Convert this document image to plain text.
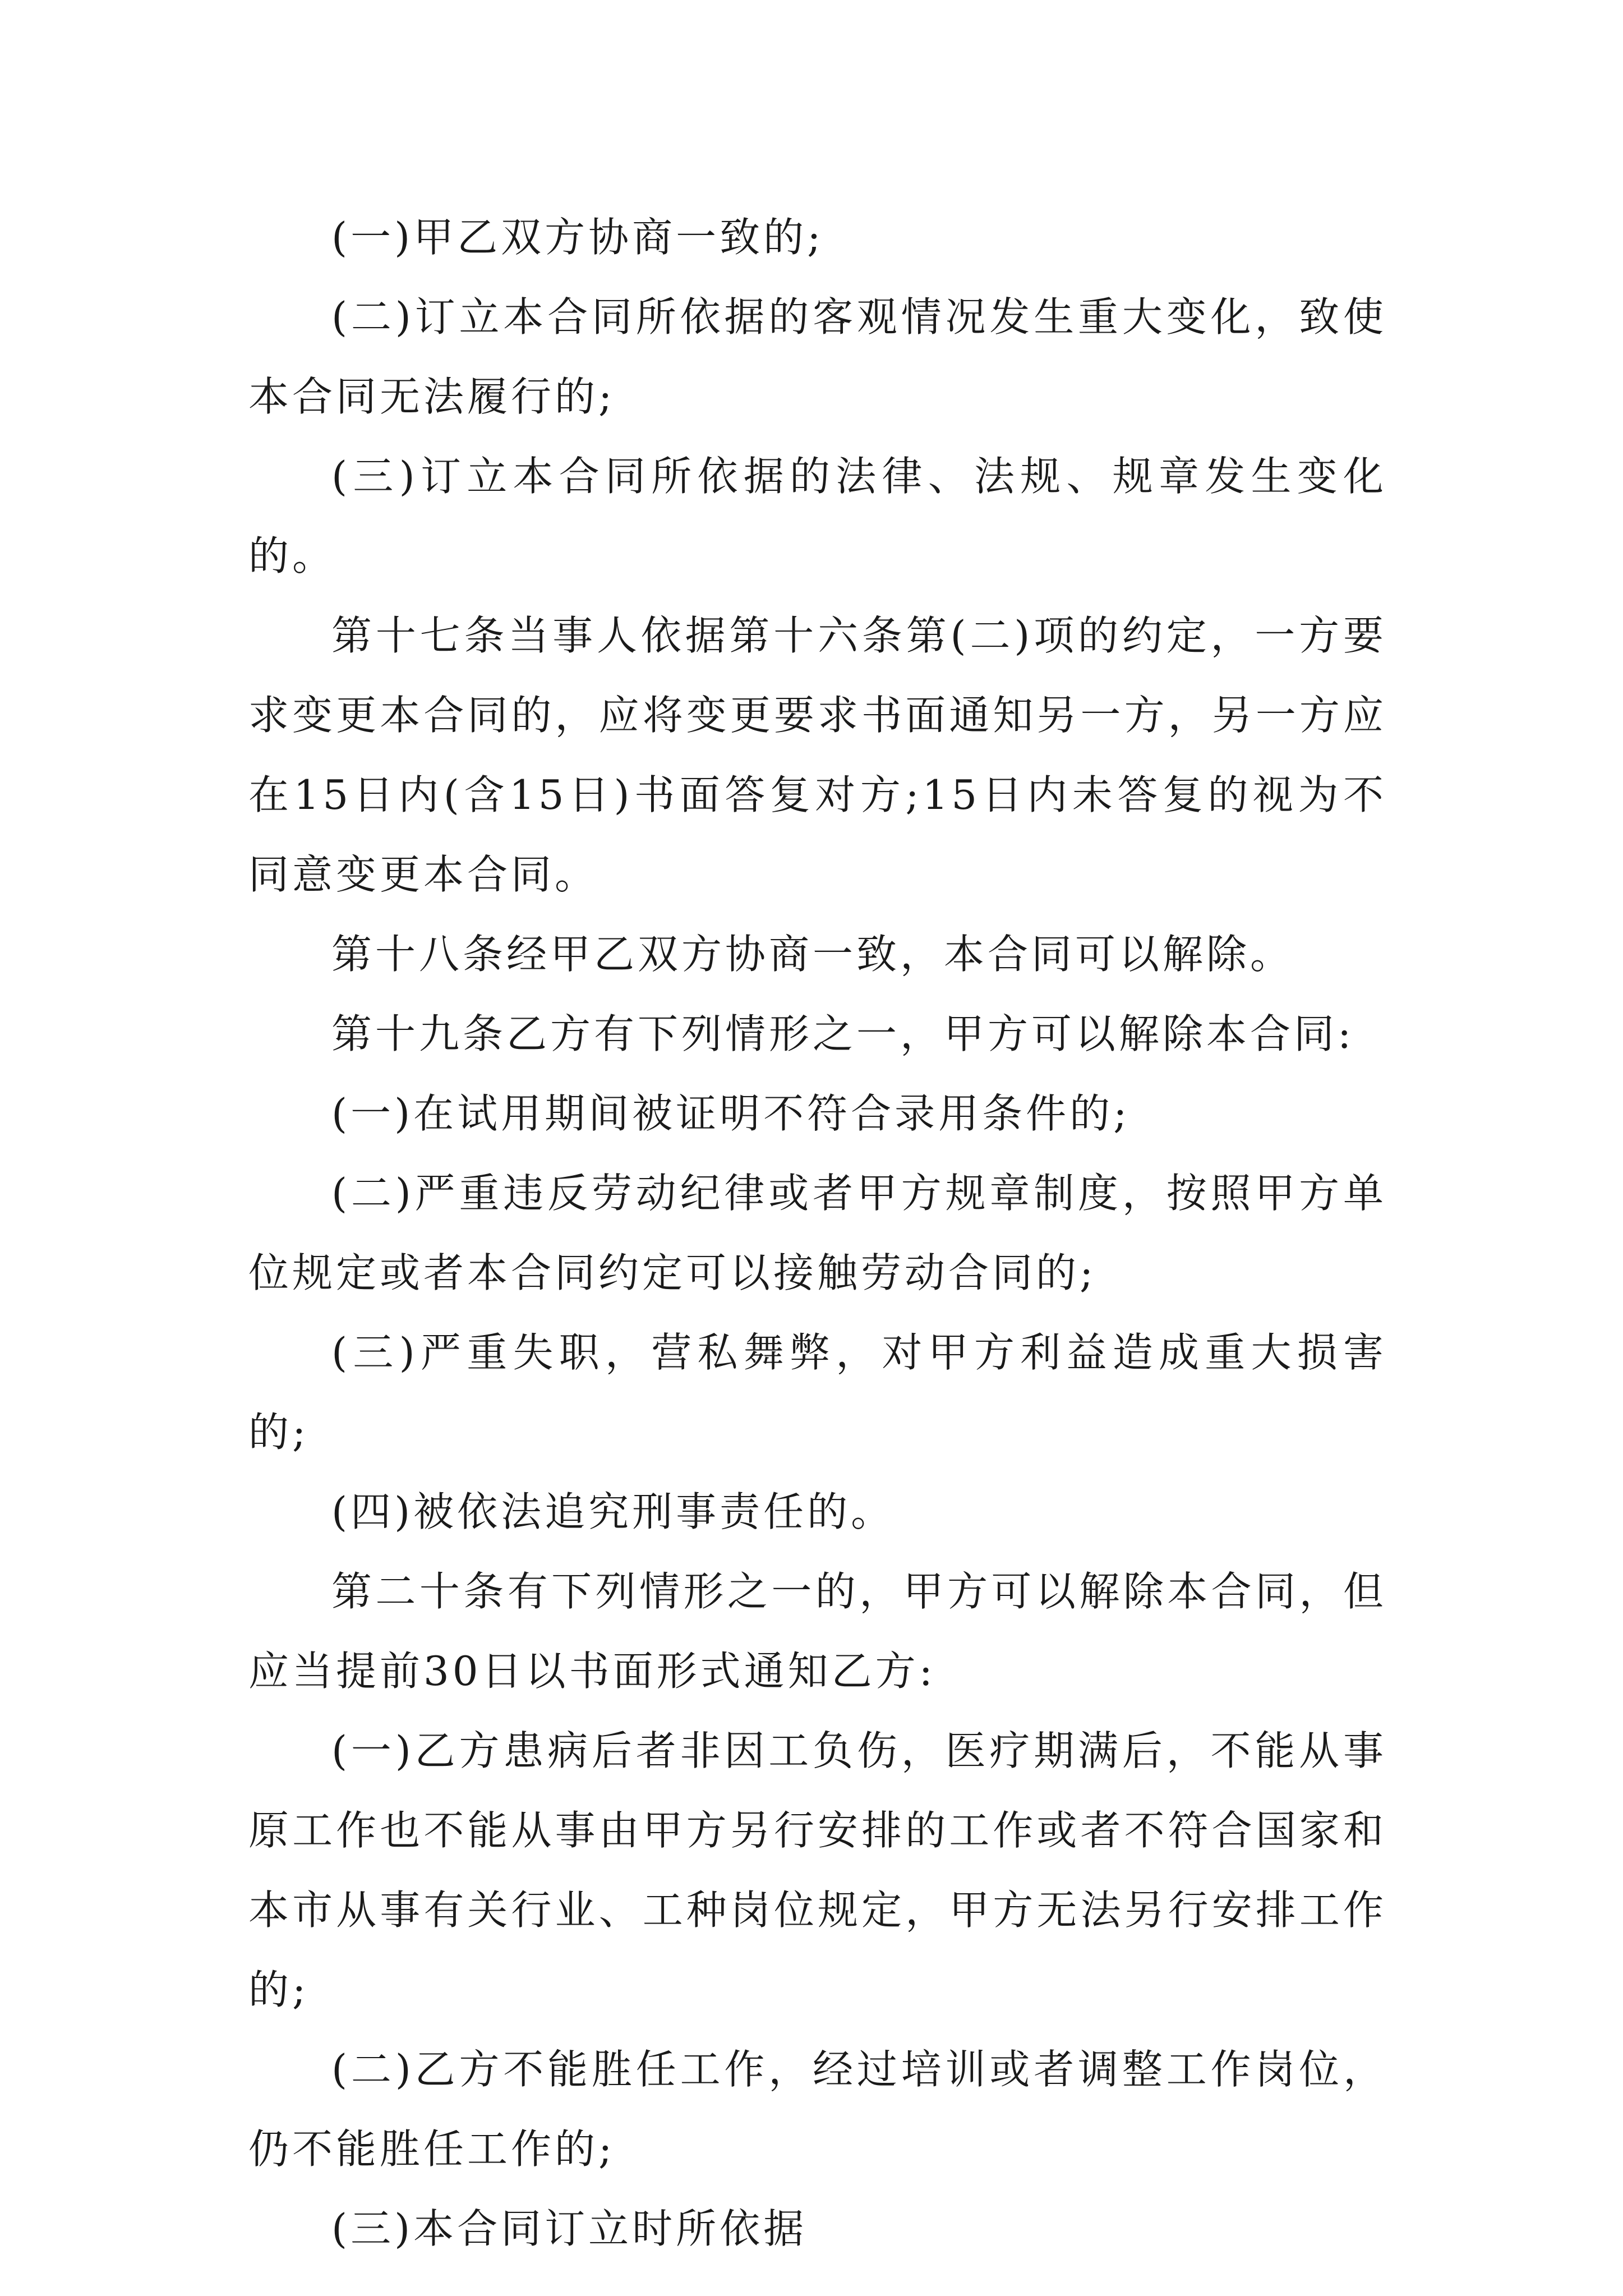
(一)甲乙双方协商一致的;

(二)订立本合同所依据的客观情况发生重大变化，致使本合同无法履行的;

(三)订立本合同所依据的法律、法规、规章发生变化的。

第十七条当事人依据第十六条第(二)项的约定，一方要求变更本合同的，应将变更要求书面通知另一方，另一方应在15日内(含15日)书面答复对方;15日内未答复的视为不同意变更本合同。

第十八条经甲乙双方协商一致，本合同可以解除。

第十九条乙方有下列情形之一，甲方可以解除本合同:

(一)在试用期间被证明不符合录用条件的;

(二)严重违反劳动纪律或者甲方规章制度，按照甲方单位规定或者本合同约定可以接触劳动合同的;

(三)严重失职，营私舞弊，对甲方利益造成重大损害的;

(四)被依法追究刑事责任的。

第二十条有下列情形之一的，甲方可以解除本合同，但应当提前30日以书面形式通知乙方:

(一)乙方患病后者非因工负伤，医疗期满后，不能从事原工作也不能从事由甲方另行安排的工作或者不符合国家和本市从事有关行业、工种岗位规定，甲方无法另行安排工作的;

(二)乙方不能胜任工作，经过培训或者调整工作岗位，仍不能胜任工作的;

(三)本合同订立时所依据
